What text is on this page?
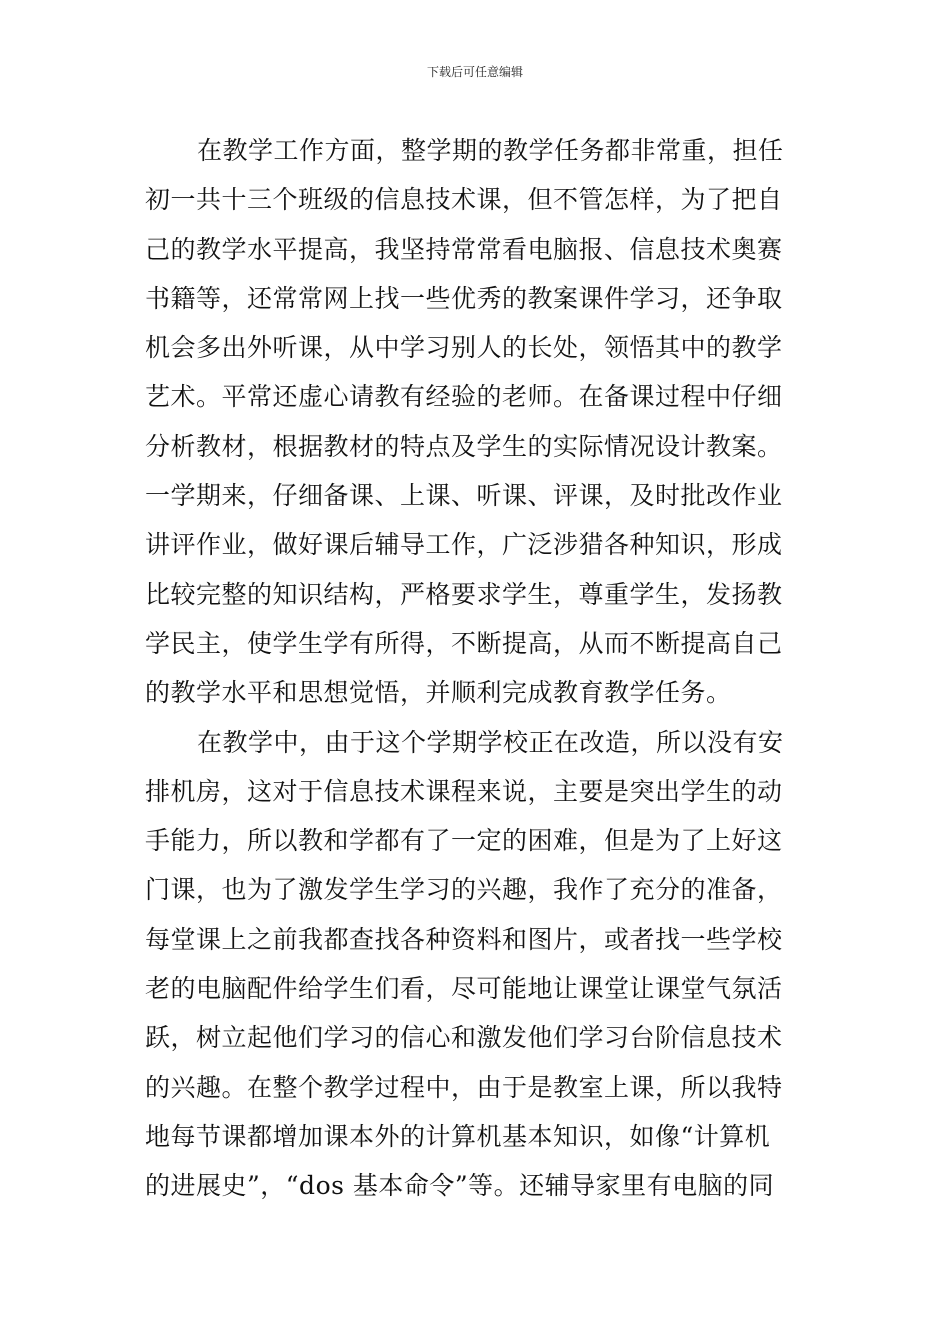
下载后可任意编辑
在教学工作方面，整学期的教学任务都非常重，担任
初一共十三个班级的信息技术课，但不管怎样，为了把自
己的教学水平提高，我坚持常常看电脑报、信息技术奥赛
书籍等，还常常网上找一些优秀的教案课件学习，还争取
机会多出外听课，从中学习别人的长处，领悟其中的教学
艺术。平常还虚心请教有经验的老师。在备课过程中仔细
分析教材，根据教材的特点及学生的实际情况设计教案。
一学期来，仔细备课、上课、听课、评课，及时批改作业
讲评作业，做好课后辅导工作，广泛涉猎各种知识，形成
比较完整的知识结构，严格要求学生，尊重学生，发扬教
学民主，使学生学有所得，不断提高，从而不断提高自己
的教学水平和思想觉悟，并顺利完成教育教学任务。
在教学中，由于这个学期学校正在改造，所以没有安
排机房，这对于信息技术课程来说，主要是突出学生的动
手能力，所以教和学都有了一定的困难，但是为了上好这
门课，也为了激发学生学习的兴趣，我作了充分的准备，
每堂课上之前我都查找各种资料和图片，或者找一些学校
老的电脑配件给学生们看，尽可能地让课堂让课堂气氛活
跃，树立起他们学习的信心和激发他们学习台阶信息技术
的兴趣。在整个教学过程中，由于是教室上课，所以我特
地每节课都增加课本外的计算机基本知识，如像“计算机
的进展史”，“dos 基本命令”等。还辅导家里有电脑的同
